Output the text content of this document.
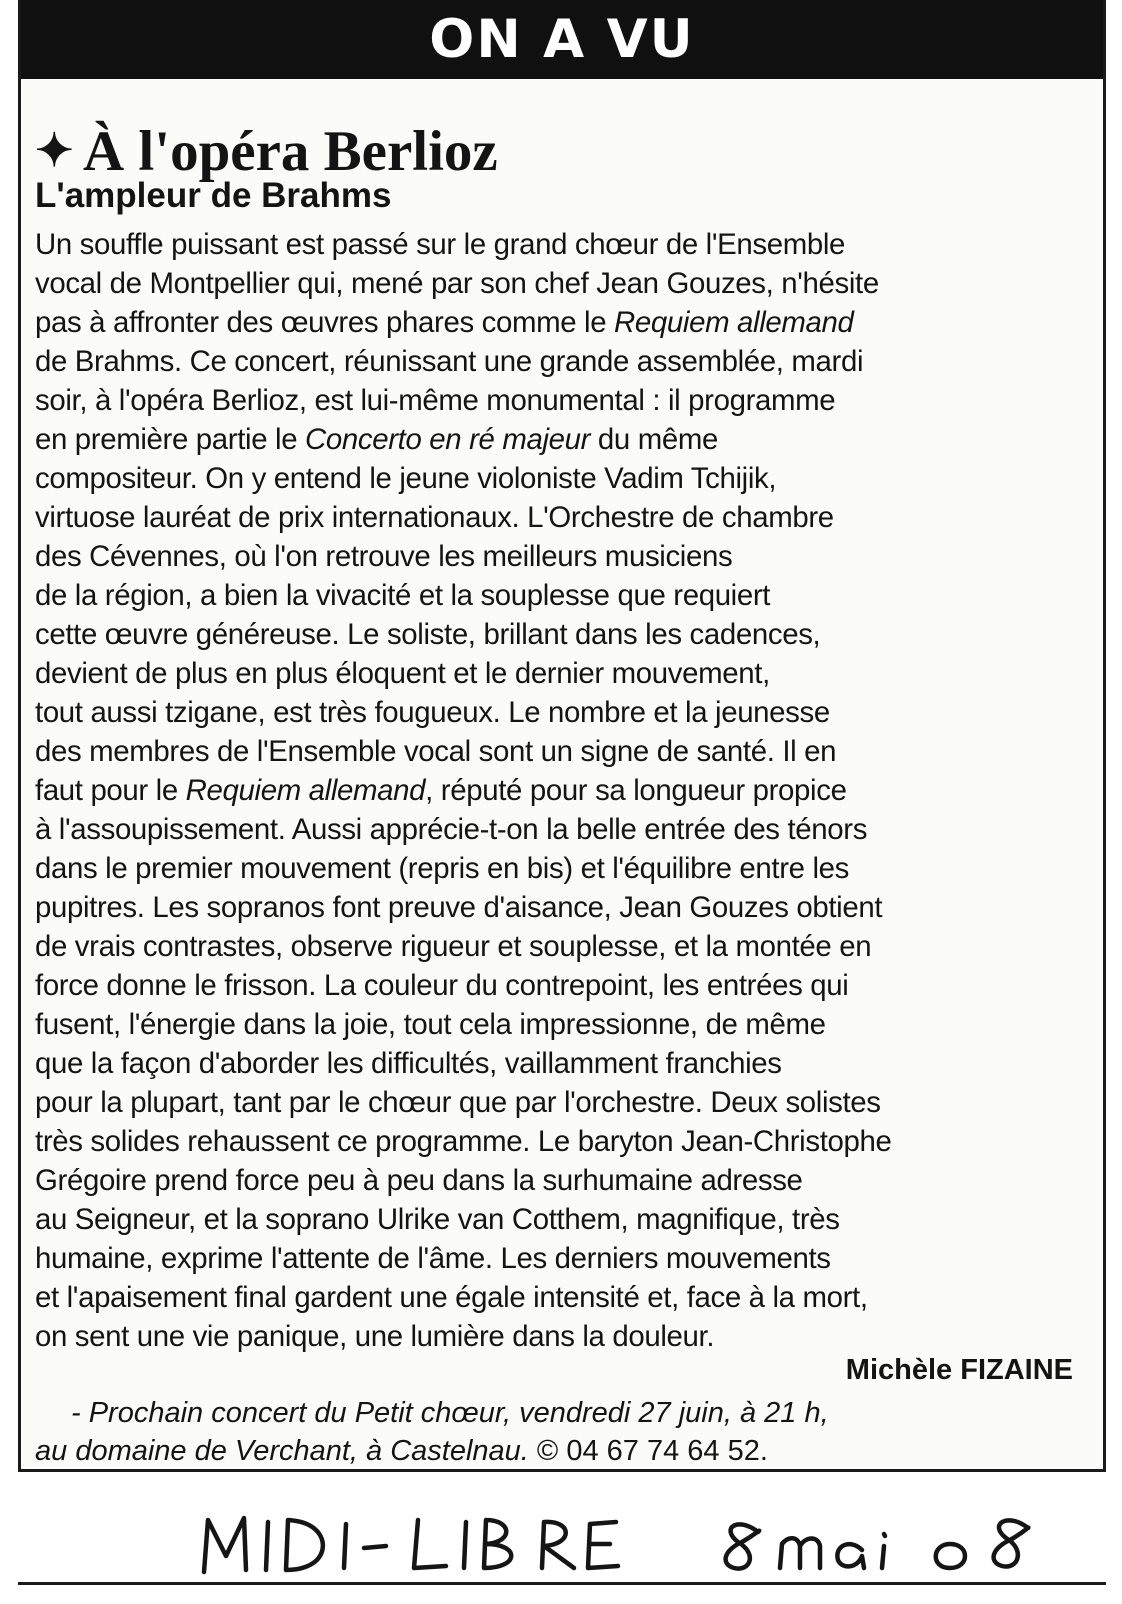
ON A VU
✦ À l'opéra Berlioz
L'ampleur de Brahms
Un souffle puissant est passé sur le grand chœur de l'Ensemble
vocal de Montpellier qui, mené par son chef Jean Gouzes, n'hésite
pas à affronter des œuvres phares comme le Requiem allemand
de Brahms. Ce concert, réunissant une grande assemblée, mardi
soir, à l'opéra Berlioz, est lui-même monumental : il programme
en première partie le Concerto en ré majeur du même
compositeur. On y entend le jeune violoniste Vadim Tchijik,
virtuose lauréat de prix internationaux. L'Orchestre de chambre
des Cévennes, où l'on retrouve les meilleurs musiciens
de la région, a bien la vivacité et la souplesse que requiert
cette œuvre généreuse. Le soliste, brillant dans les cadences,
devient de plus en plus éloquent et le dernier mouvement,
tout aussi tzigane, est très fougueux. Le nombre et la jeunesse
des membres de l'Ensemble vocal sont un signe de santé. Il en
faut pour le Requiem allemand, réputé pour sa longueur propice
à l'assoupissement. Aussi apprécie-t-on la belle entrée des ténors
dans le premier mouvement (repris en bis) et l'équilibre entre les
pupitres. Les sopranos font preuve d'aisance, Jean Gouzes obtient
de vrais contrastes, observe rigueur et souplesse, et la montée en
force donne le frisson. La couleur du contrepoint, les entrées qui
fusent, l'énergie dans la joie, tout cela impressionne, de même
que la façon d'aborder les difficultés, vaillamment franchies
pour la plupart, tant par le chœur que par l'orchestre. Deux solistes
très solides rehaussent ce programme. Le baryton Jean-Christophe
Grégoire prend force peu à peu dans la surhumaine adresse
au Seigneur, et la soprano Ulrike van Cotthem, magnifique, très
humaine, exprime l'attente de l'âme. Les derniers mouvements
et l'apaisement final gardent une égale intensité et, face à la mort,
on sent une vie panique, une lumière dans la douleur.
Michèle FIZAINE
- Prochain concert du Petit chœur, vendredi 27 juin, à 21 h,
au domaine de Verchant, à Castelnau. © 04 67 74 64 52.
